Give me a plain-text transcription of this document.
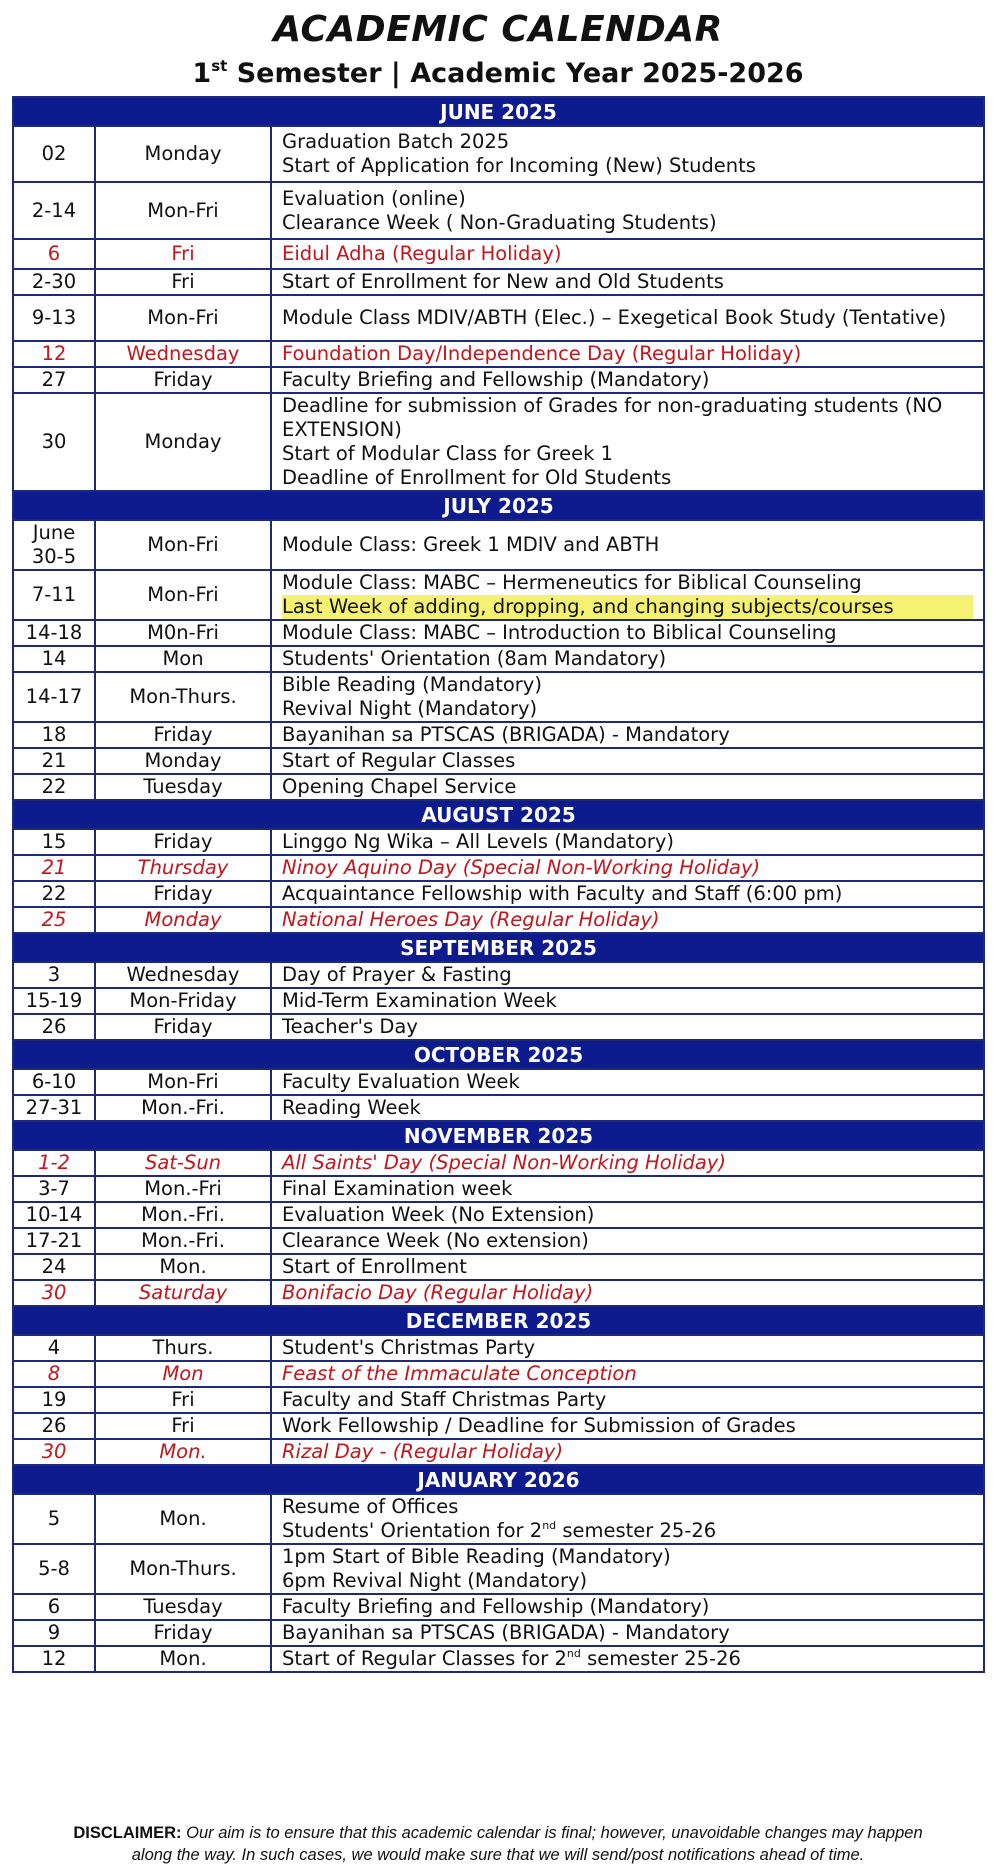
ACADEMIC CALENDAR
1st Semester | Academic Year 2025-2026
JUNE 2025		
02	Monday	Graduation Batch 2025
Start of Application for Incoming (New) Students

2-14	Mon-Fri	Evaluation (online)
Clearance Week ( Non-Graduating Students)

6	Fri	Eidul Adha (Regular Holiday)

2-30	Fri	Start of Enrollment for New and Old Students

9-13	Mon-Fri	Module Class MDIV/ABTH (Elec.) – Exegetical Book Study (Tentative)

12	Wednesday	Foundation Day/Independence Day (Regular Holiday)

27	Friday	Faculty Briefing and Fellowship (Mandatory)

30	Monday	Deadline for submission of Grades for non-graduating students (NO EXTENSION)
Start of Modular Class for Greek 1
Deadline of Enrollment for Old Students

JULY 2025		
June 30-5	Mon-Fri	Module Class: Greek 1 MDIV and ABTH

7-11	Mon-Fri	Module Class: MABC – Hermeneutics for Biblical Counseling
Last Week of adding, dropping, and changing subjects/courses

14-18	M0n-Fri	Module Class: MABC – Introduction to Biblical Counseling

14	Mon	Students' Orientation (8am Mandatory)

14-17	Mon-Thurs.	Bible Reading (Mandatory)
Revival Night (Mandatory)

18	Friday	Bayanihan sa PTSCAS (BRIGADA) - Mandatory

21	Monday	Start of Regular Classes

22	Tuesday	Opening Chapel Service

AUGUST 2025		
15	Friday	Linggo Ng Wika – All Levels (Mandatory)

21	Thursday	Ninoy Aquino Day (Special Non-Working Holiday)

22	Friday	Acquaintance Fellowship with Faculty and Staff (6:00 pm)

25	Monday	National Heroes Day (Regular Holiday)

SEPTEMBER 2025		
3	Wednesday	Day of Prayer & Fasting

15-19	Mon-Friday	Mid-Term Examination Week

26	Friday	Teacher's Day

OCTOBER 2025		
6-10	Mon-Fri	Faculty Evaluation Week

27-31	Mon.-Fri.	Reading Week

NOVEMBER 2025		
1-2	Sat-Sun	All Saints' Day (Special Non-Working Holiday)

3-7	Mon.-Fri	Final Examination week

10-14	Mon.-Fri.	Evaluation Week (No Extension)

17-21	Mon.-Fri.	Clearance Week (No extension)

24	Mon.	Start of Enrollment

30	Saturday	Bonifacio Day (Regular Holiday)

DECEMBER 2025		
4	Thurs.	Student's Christmas Party

8	Mon	Feast of the Immaculate Conception

19	Fri	Faculty and Staff Christmas Party

26	Fri	Work Fellowship / Deadline for Submission of Grades

30	Mon.	Rizal Day - (Regular Holiday)

JANUARY 2026		
5	Mon.	Resume of Offices
Students' Orientation for 2nd semester 25-26

5-8	Mon-Thurs.	1pm Start of Bible Reading (Mandatory)
6pm Revival Night (Mandatory)

6	Tuesday	Faculty Briefing and Fellowship (Mandatory)

9	Friday	Bayanihan sa PTSCAS (BRIGADA) - Mandatory

12	Mon.	Start of Regular Classes for 2nd semester 25-26
DISCLAIMER: Our aim is to ensure that this academic calendar is final; however, unavoidable changes may happen
along the way. In such cases, we would make sure that we will send/post notifications ahead of time.
